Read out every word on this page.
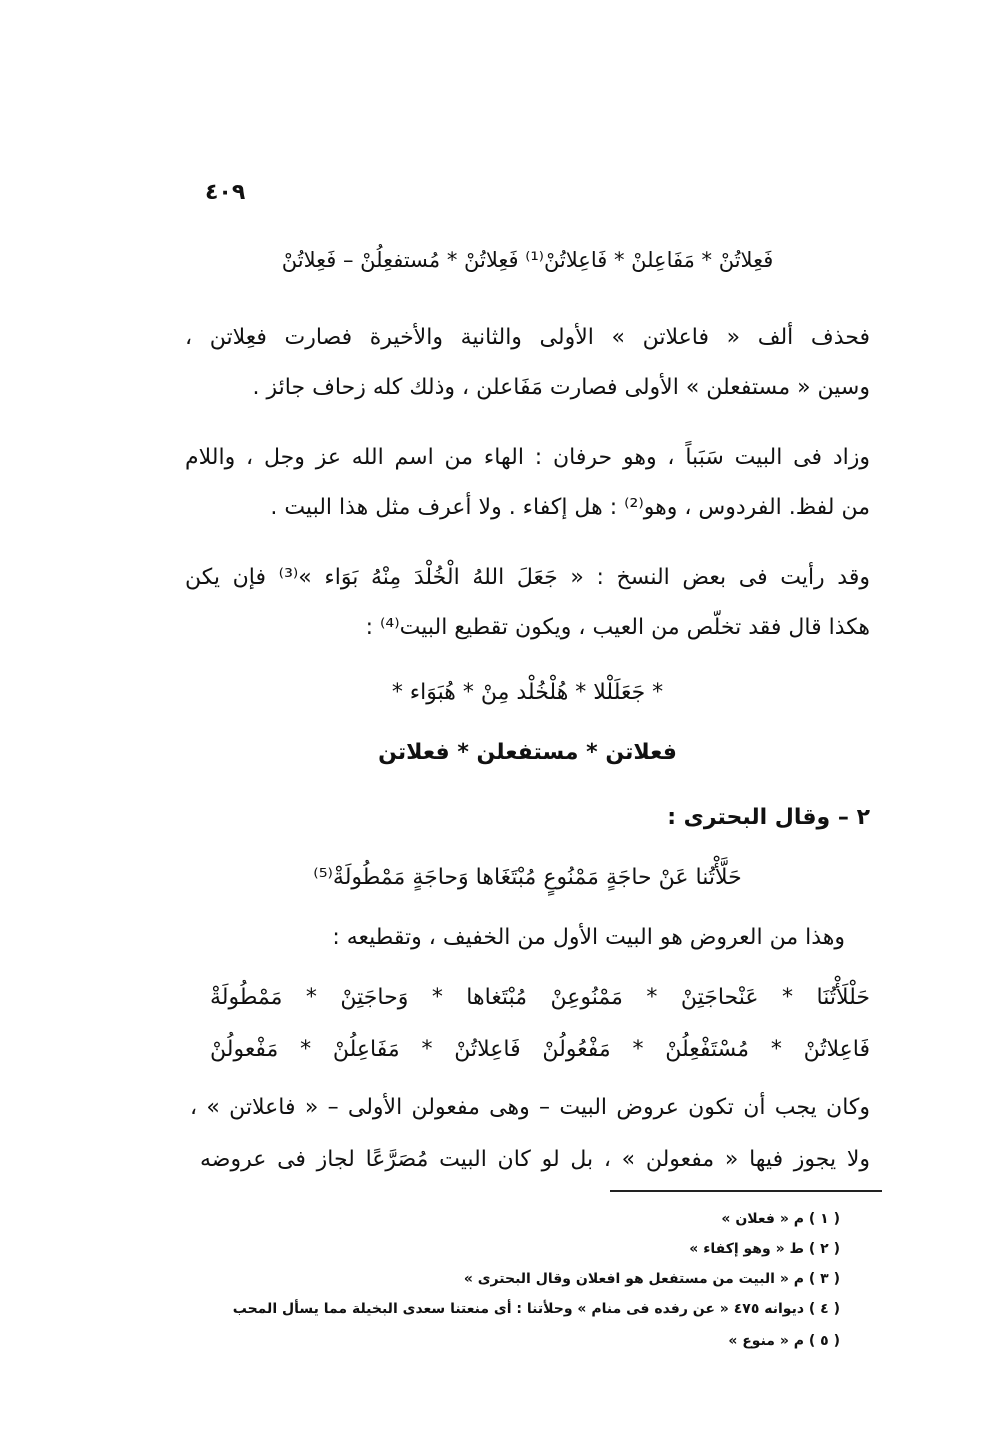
٤٠٩
فَعِلاتُنْ * مَفَاعِلنْ * فَاعِلاتُنْ⁽¹⁾ فَعِلاتُنْ * مُستفعِلُنْ – فَعِلاتُنْ
فحذف ألف « فاعلاتن » الأولى والثانية والأخيرة فصارت فعِلاتن ،
وسين « مستفعلن » الأولى فصارت مَفَاعلن ، وذلك كله زحاف جائز .
وزاد فى البيت سَبَباً ، وهو حرفان : الهاء من اسم الله عز وجل ، واللام
من لفظ. الفردوس ، وهو⁽²⁾ : هل إكفاء . ولا أعرف مثل هذا البيت .
وقد رأيت فى بعض النسخ : « جَعَلَ اللهُ الْخُلْدَ مِنْهُ بَوَاء »⁽³⁾ فإن يكن
هكذا قال فقد تخلّص من العيب ، ويكون تقطيع البيت⁽⁴⁾ :
* جَعَلَلْلا * هُلْخُلْد مِنْ * هُبَوَاء *
فعلاتن * مستفعلن * فعلاتن
٢ – وقال البحترى :
حَلَّأْتُنا عَنْ حاجَةٍ مَمْنُوعٍ مُبْتَغَاها وَحاجَةٍ مَمْطُولَةْ⁽⁵⁾
وهذا من العروض هو البيت الأول من الخفيف ، وتقطيعه :
حَلْلَأْتُنَا * عَنْحاجَتِنْ * مَمْنُوعِنْ مُبْتَغاها * وَحاجَتِنْ * مَمْطُولَةْ
فَاعِلاتُنْ * مُسْتَفْعِلُنْ * مَفْعُولُنْ فَاعِلاتُنْ * مَفَاعِلُنْ * مَفْعولُنْ
وكان يجب أن تكون عروض البيت – وهى مفعولن الأولى – « فاعلاتن » ،
ولا يجوز فيها « مفعولن » ، بل لو كان البيت مُصَرَّعًا لجاز فى عروضه
( ١ ) م « فعلان »
( ٢ ) ط « وهو إكفاء »
( ٣ ) م « البيت من مستفعل هو افعلان وقال البحترى »
( ٤ ) ديوانه ٤٧٥ « عن رفده فى منام » وحلأتنا : أى منعتنا سعدى البخيلة مما يسأل المحب
( ٥ ) م « منوع »
